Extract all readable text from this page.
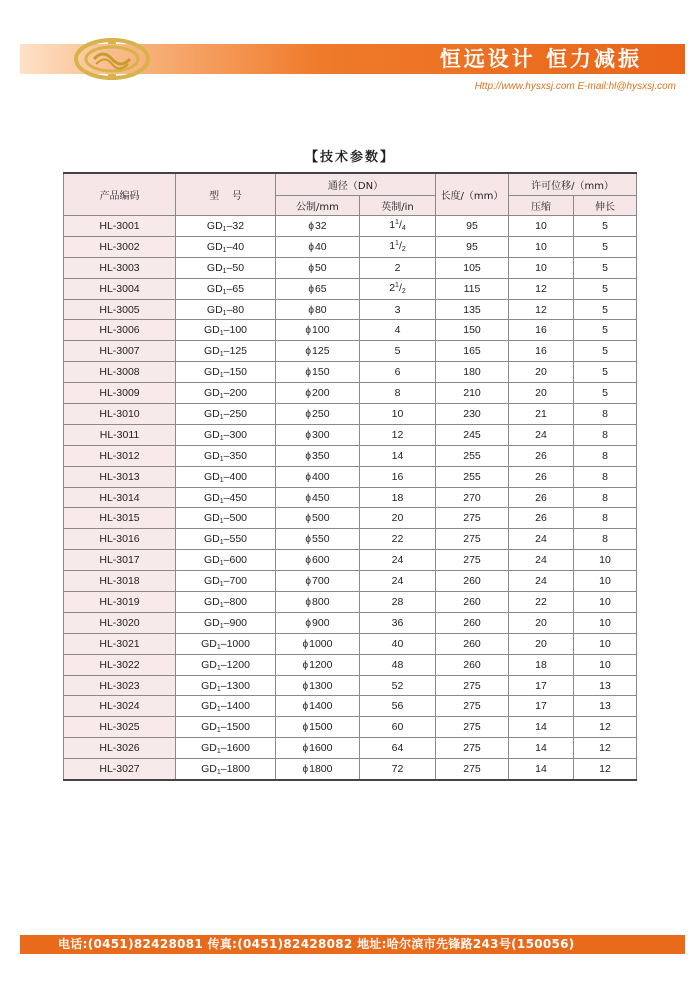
恒远设计 恒力减振
Http://www.hysxsj.com E-mail:hl@hysxsj.com
【技术参数】
产品编码	型    号	通径（DN）		长度/（mm）	许可位移/（mm）	
		公制/mm	英制/in		压缩	伸长
HL-3001	GD1–32	ϕ32	$1^1/4$	95	10	5
HL-3002	GD1–40	ϕ40	$1^1/2$	95	10	5
HL-3003	GD1–50	ϕ50	2	105	10	5
HL-3004	GD1–65	ϕ65	$2^1/2$	115	12	5
HL-3005	GD1–80	ϕ80	3	135	12	5
HL-3006	GD1–100	ϕ100	4	150	16	5
HL-3007	GD1–125	ϕ125	5	165	16	5
HL-3008	GD1–150	ϕ150	6	180	20	5
HL-3009	GD1–200	ϕ200	8	210	20	5
HL-3010	GD1–250	ϕ250	10	230	21	8
HL-3011	GD1–300	ϕ300	12	245	24	8
HL-3012	GD1–350	ϕ350	14	255	26	8
HL-3013	GD1–400	ϕ400	16	255	26	8
HL-3014	GD1–450	ϕ450	18	270	26	8
HL-3015	GD1–500	ϕ500	20	275	26	8
HL-3016	GD1–550	ϕ550	22	275	24	8
HL-3017	GD1–600	ϕ600	24	275	24	10
HL-3018	GD1–700	ϕ700	24	260	24	10
HL-3019	GD1–800	ϕ800	28	260	22	10
HL-3020	GD1–900	ϕ900	36	260	20	10
HL-3021	GD1–1000	ϕ1000	40	260	20	10
HL-3022	GD1–1200	ϕ1200	48	260	18	10
HL-3023	GD1–1300	ϕ1300	52	275	17	13
HL-3024	GD1–1400	ϕ1400	56	275	17	13
HL-3025	GD1–1500	ϕ1500	60	275	14	12
HL-3026	GD1–1600	ϕ1600	64	275	14	12
HL-3027	GD1–1800	ϕ1800	72	275	14	12
电话:(0451)82428081 传真:(0451)82428082 地址:哈尔滨市先锋路243号(150056)
